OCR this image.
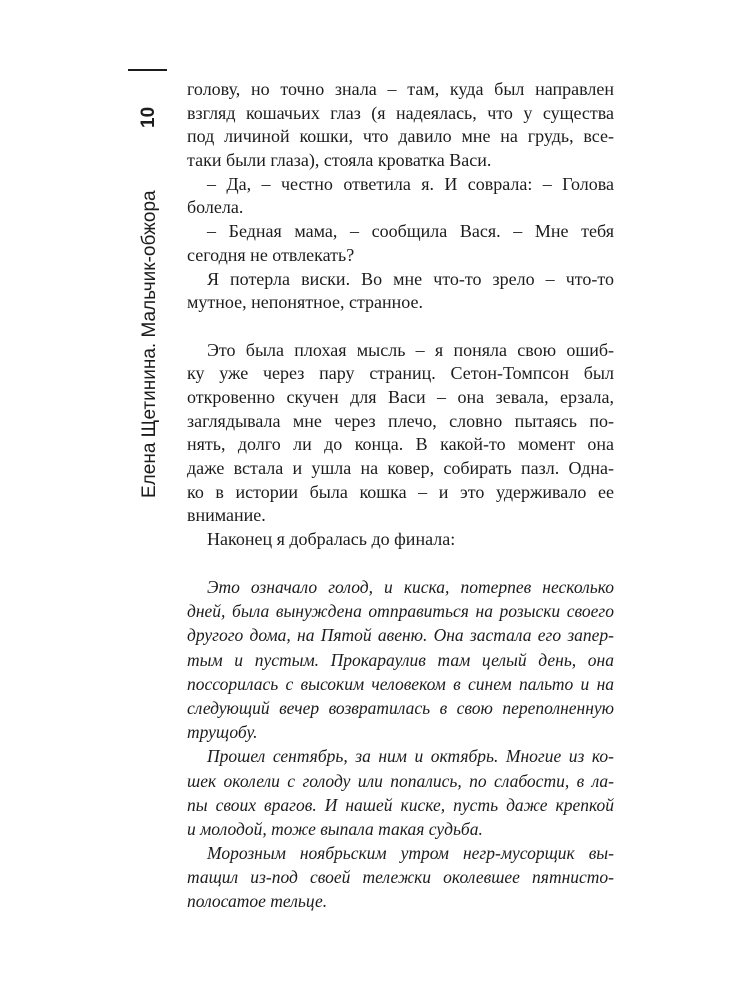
10
Елена Щетинина. Мальчик-обжора
голову, но точно знала – там, куда был направлен
взгляд кошачьих глаз (я надеялась, что у существа
под личиной кошки, что давило мне на грудь, все-
таки были глаза), стояла кроватка Васи.
– Да, – честно ответила я. И соврала: – Голова
болела.
– Бедная мама, – сообщила Вася. – Мне тебя
сегодня не отвлекать?
Я потерла виски. Во мне что-то зрело – что-то
мутное, непонятное, странное.
Это была плохая мысль – я поняла свою ошиб-
ку уже через пару страниц. Сетон-Томпсон был
откровенно скучен для Васи – она зевала, ерзала,
заглядывала мне через плечо, словно пытаясь по-
нять, долго ли до конца. В какой-то момент она
даже встала и ушла на ковер, собирать пазл. Одна-
ко в истории была кошка – и это удерживало ее
внимание.
Наконец я добралась до финала:
Это означало голод, и киска, потерпев несколько
дней, была вынуждена отправиться на розыски своего
другого дома, на Пятой авеню. Она застала его запер-
тым и пустым. Прокараулив там целый день, она
поссорилась с высоким человеком в синем пальто и на
следующий вечер возвратилась в свою переполненную
трущобу.
Прошел сентябрь, за ним и октябрь. Многие из ко-
шек околели с голоду или попались, по слабости, в ла-
пы своих врагов. И нашей киске, пусть даже крепкой
и молодой, тоже выпала такая судьба.
Морозным ноябрьским утром негр-мусорщик вы-
тащил из-под своей тележки околевшее пятнисто-
полосатое тельце.
